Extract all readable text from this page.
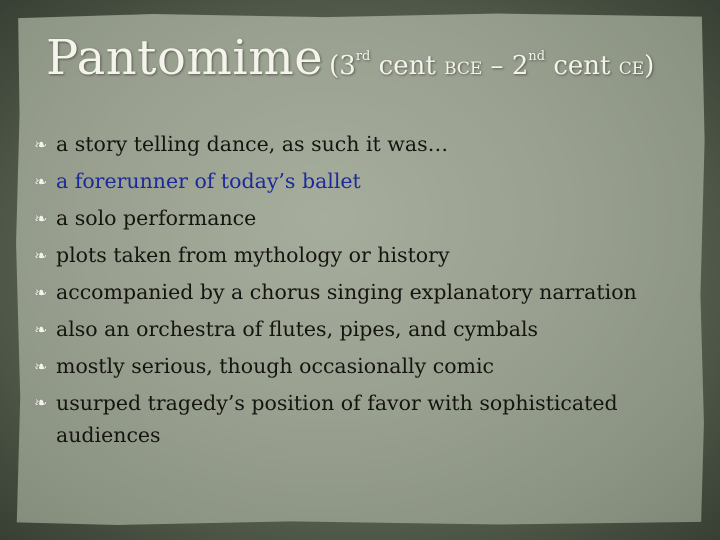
Pantomime (3rd cent BCE – 2nd cent CE)
❧ a story telling dance, as such it was…
❧ a forerunner of today’s ballet
❧ a solo performance
❧ plots taken from mythology or history
❧ accompanied by a chorus singing explanatory narration
❧ also an orchestra of flutes, pipes, and cymbals
❧ mostly serious, though occasionally comic
❧ usurped tragedy’s position of favor with sophisticated audiences
